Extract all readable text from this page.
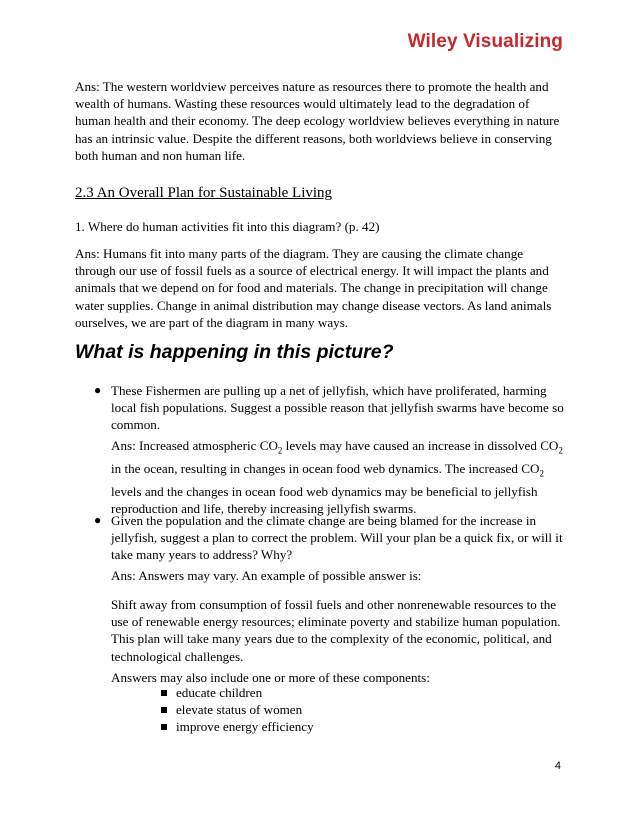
Wiley Visualizing

Ans: The western worldview perceives nature as resources there to promote the health and wealth of humans. Wasting these resources would ultimately lead to the degradation of human health and their economy. The deep ecology worldview believes everything in nature has an intrinsic value. Despite the different reasons, both worldviews believe in conserving both human and non human life.

2.3 An Overall Plan for Sustainable Living

1. Where do human activities fit into this diagram? (p. 42)

Ans: Humans fit into many parts of the diagram. They are causing the climate change through our use of fossil fuels as a source of electrical energy. It will impact the plants and animals that we depend on for food and materials. The change in precipitation will change water supplies. Change in animal distribution may change disease vectors. As land animals ourselves, we are part of the diagram in many ways.

What is happening in this picture?
● These Fishermen are pulling up a net of jellyfish, which have proliferated, harming local fish populations. Suggest a possible reason that jellyfish swarms have become so common.

Ans: Increased atmospheric $CO_2$ levels may have caused an increase in dissolved $CO_2$ in the ocean, resulting in changes in ocean food web dynamics. The increased $CO_2$ levels and the changes in ocean food web dynamics may be beneficial to jellyfish reproduction and life, thereby increasing jellyfish swarms.

● Given the population and the climate change are being blamed for the increase in jellyfish, suggest a plan to correct the problem. Will your plan be a quick fix, or will it take many years to address? Why?

Ans: Answers may vary. An example of possible answer is:

Shift away from consumption of fossil fuels and other nonrenewable resources to the use of renewable energy resources; eliminate poverty and stabilize human population. This plan will take many years due to the complexity of the economic, political, and technological challenges.

Answers may also include one or more of these components:

educate children
elevate status of women
improve energy efficiency
4
